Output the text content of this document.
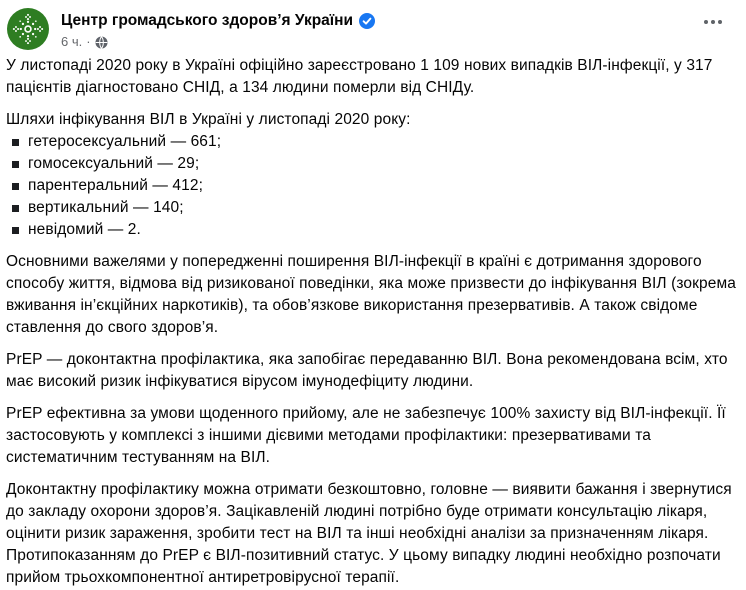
Центр громадського здоров’я України
6 ч. ·

У листопаді 2020 року в Україні офіційно зареєстровано 1 109 нових випадків ВІЛ-інфекції, у 317 пацієнтів діагностовано СНІД, а 134 людини померли від СНІДу.

Шляхи інфікування ВІЛ в Україні у листопаді 2020 року:

гетеросексуальний — 661;
гомосексуальний — 29;
парентеральний — 412;
вертикальний — 140;
невідомий — 2.

Основними важелями у попередженні поширення ВІЛ-інфекції в країні є дотримання здорового способу життя, відмова від ризикованої поведінки, яка може призвести до інфікування ВІЛ (зокрема вживання ін’єкційних наркотиків), та обов’язкове використання презервативів. А також свідоме ставлення до свого здоров’я.

PrEP — доконтактна профілактика, яка запобігає передаванню ВІЛ. Вона рекомендована всім, хто має високий ризик інфікуватися вірусом імунодефіциту людини.

PrEP ефективна за умови щоденного прийому, але не забезпечує 100% захисту від ВІЛ-інфекції. Її застосовують у комплексі з іншими дієвими методами профілактики: презервативами та систематичним тестуванням на ВІЛ.

Доконтактну профілактику можна отримати безкоштовно, головне — виявити бажання і звернутися до закладу охорони здоров’я. Зацікавленій людині потрібно буде отримати консультацію лікаря, оцінити ризик зараження, зробити тест на ВІЛ та інші необхідні аналізи за призначенням лікаря. Протипоказанням до PrEP є ВІЛ-позитивний статус. У цьому випадку людині необхідно розпочати прийом трьохкомпонентної антиретровірусної терапії.
